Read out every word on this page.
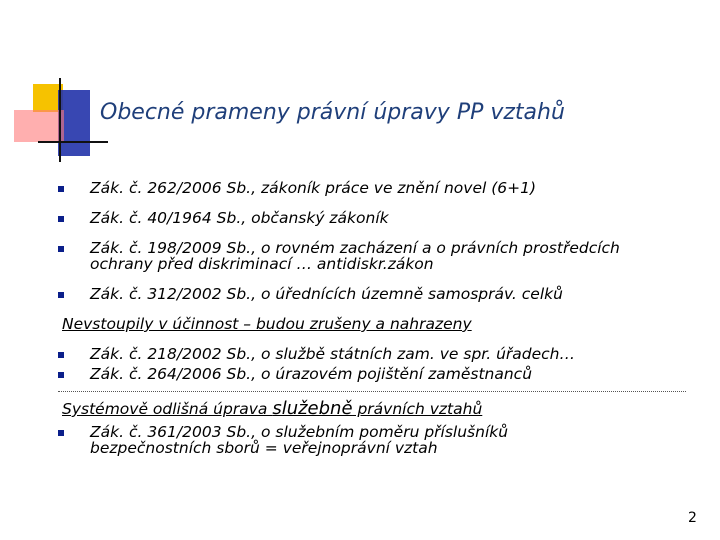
Obecné prameny právní úpravy PP vztahů
Zák. č. 262/2006 Sb., zákoník práce ve znění novel (6+1)
Zák. č. 40/1964 Sb., občanský zákoník
Zák. č. 198/2009 Sb., o rovném zacházení a o právních prostředcích ochrany před diskriminací … antidiskr.zákon
Zák. č. 312/2002 Sb., o úřednících územně samospráv. celků
Nevstoupily v účinnost – budou zrušeny a nahrazeny
Zák. č. 218/2002 Sb., o službě státních zam. ve spr. úřadech…
Zák. č. 264/2006 Sb., o úrazovém pojištění zaměstnanců
Systémově odlišná úprava služebně právních vztahů
Zák. č. 361/2003 Sb., o služebním poměru příslušníků bezpečnostních sborů = veřejnoprávní vztah
2
